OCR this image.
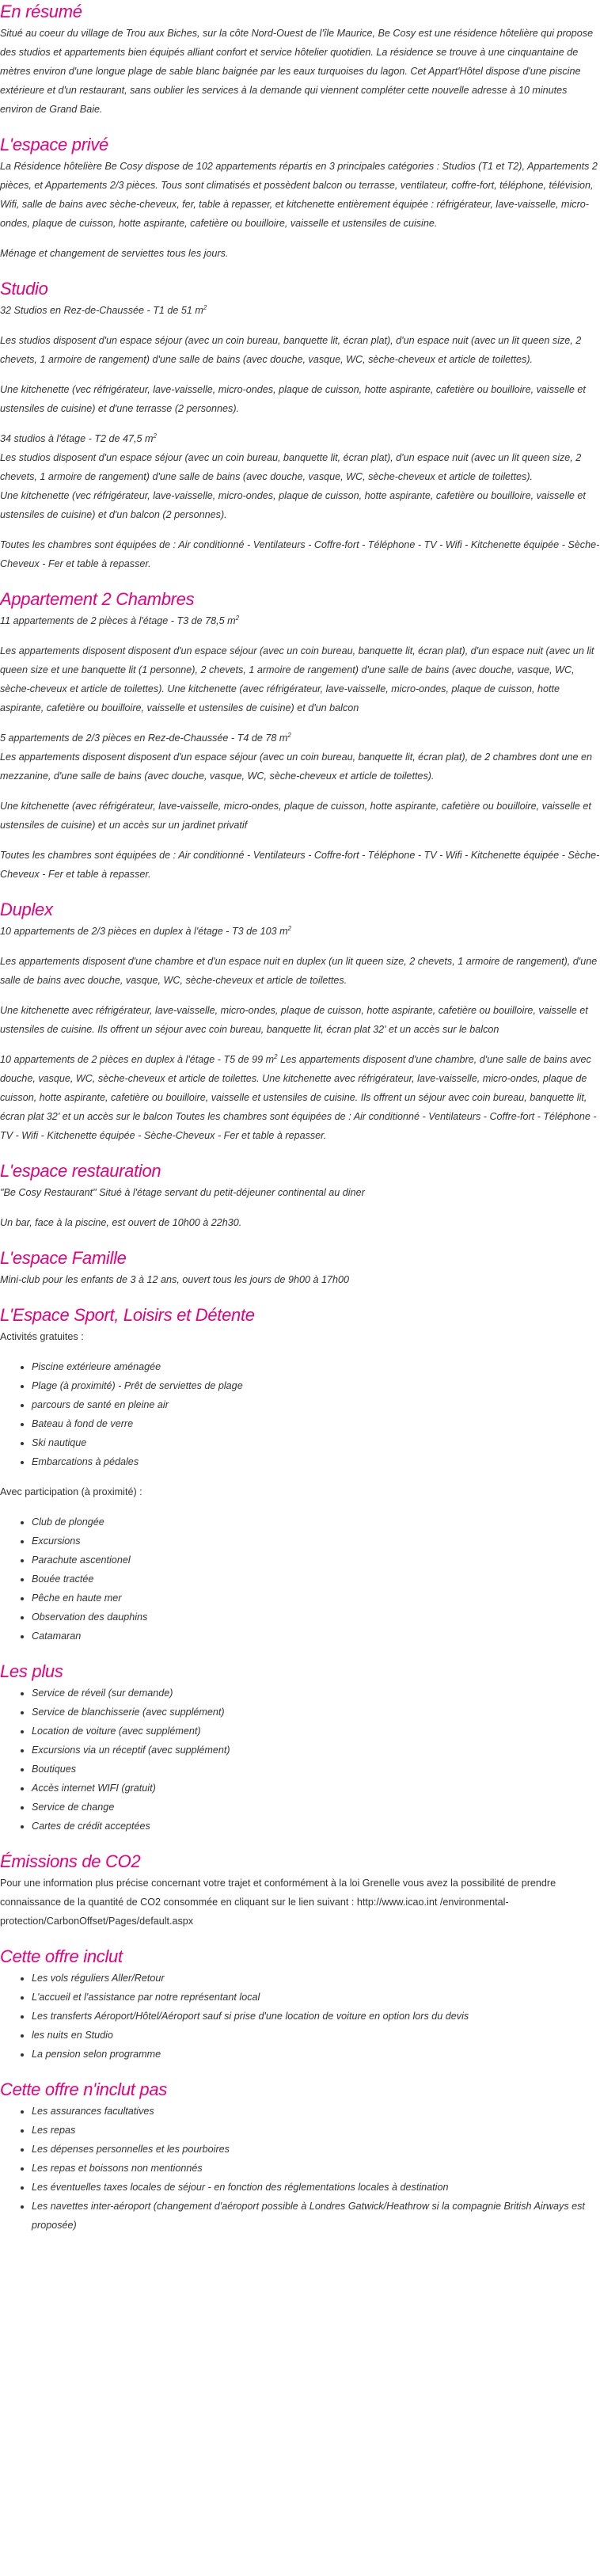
En résumé

Situé au coeur du village de Trou aux Biches, sur la côte Nord-Ouest de l'île Maurice, Be Cosy est une résidence hôtelière qui propose des studios et appartements bien équipés alliant confort et service hôtelier quotidien. La résidence se trouve à une cinquantaine de mètres environ d'une longue plage de sable blanc baignée par les eaux turquoises du lagon. Cet Appart'Hôtel dispose d'une piscine extérieure et d'un restaurant, sans oublier les services à la demande qui viennent compléter cette nouvelle adresse à 10 minutes environ de Grand Baie.

L'espace privé

La Résidence hôtelière Be Cosy dispose de 102 appartements répartis en 3 principales catégories : Studios (T1 et T2), Appartements 2 pièces, et Appartements 2/3 pièces. Tous sont climatisés et possèdent balcon ou terrasse, ventilateur, coffre-fort, téléphone, télévision, Wifi, salle de bains avec sèche-cheveux, fer, table à repasser, et kitchenette entièrement équipée : réfrigérateur, lave-vaisselle, micro-ondes, plaque de cuisson, hotte aspirante, cafetière ou bouilloire, vaisselle et ustensiles de cuisine.

Ménage et changement de serviettes tous les jours.

Studio

32 Studios en Rez-de-Chaussée - T1 de 51 $m^2$

Les studios disposent d'un espace séjour (avec un coin bureau, banquette lit, écran plat), d'un espace nuit (avec un lit queen size, 2 chevets, 1 armoire de rangement) d'une salle de bains (avec douche, vasque, WC, sèche-cheveux et article de toilettes).

Une kitchenette (vec réfrigérateur, lave-vaisselle, micro-ondes, plaque de cuisson, hotte aspirante, cafetière ou bouilloire, vaisselle et ustensiles de cuisine) et d'une terrasse (2 personnes).

34 studios à l'étage - T2 de 47,5 $m^2$
Les studios disposent d'un espace séjour (avec un coin bureau, banquette lit, écran plat), d'un espace nuit (avec un lit queen size, 2 chevets, 1 armoire de rangement) d'une salle de bains (avec douche, vasque, WC, sèche-cheveux et article de toilettes).
Une kitchenette (vec réfrigérateur, lave-vaisselle, micro-ondes, plaque de cuisson, hotte aspirante, cafetière ou bouilloire, vaisselle et ustensiles de cuisine) et d'un balcon (2 personnes).

Toutes les chambres sont équipées de : Air conditionné - Ventilateurs - Coffre-fort - Téléphone - TV - Wifi - Kitchenette équipée - Sèche-Cheveux - Fer et table à repasser.

Appartement 2 Chambres

11 appartements de 2 pièces à l'étage - T3 de 78,5 $m^2$

Les appartements disposent disposent d'un espace séjour (avec un coin bureau, banquette lit, écran plat), d'un espace nuit (avec un lit queen size et une banquette lit (1 personne), 2 chevets, 1 armoire de rangement) d'une salle de bains (avec douche, vasque, WC, sèche-cheveux et article de toilettes). Une kitchenette (avec réfrigérateur, lave-vaisselle, micro-ondes, plaque de cuisson, hotte aspirante, cafetière ou bouilloire, vaisselle et ustensiles de cuisine) et d'un balcon

5 appartements de 2/3 pièces en Rez-de-Chaussée - T4 de 78 $m^2$
Les appartements disposent disposent d'un espace séjour (avec un coin bureau, banquette lit, écran plat), de 2 chambres dont une en mezzanine, d'une salle de bains (avec douche, vasque, WC, sèche-cheveux et article de toilettes).

Une kitchenette (avec réfrigérateur, lave-vaisselle, micro-ondes, plaque de cuisson, hotte aspirante, cafetière ou bouilloire, vaisselle et ustensiles de cuisine) et un accès sur un jardinet privatif

Toutes les chambres sont équipées de : Air conditionné - Ventilateurs - Coffre-fort - Téléphone - TV - Wifi - Kitchenette équipée - Sèche-Cheveux - Fer et table à repasser.

Duplex

10 appartements de 2/3 pièces en duplex à l'étage - T3 de 103 $m^2$

Les appartements disposent d'une chambre et d'un espace nuit en duplex (un lit queen size, 2 chevets, 1 armoire de rangement), d'une salle de bains avec douche, vasque, WC, sèche-cheveux et article de toilettes.

Une kitchenette avec réfrigérateur, lave-vaisselle, micro-ondes, plaque de cuisson, hotte aspirante, cafetière ou bouilloire, vaisselle et ustensiles de cuisine. Ils offrent un séjour avec coin bureau, banquette lit, écran plat 32' et un accès sur le balcon

10 appartements de 2 pièces en duplex à l'étage - T5 de 99 $m^2$ Les appartements disposent d'une chambre, d'une salle de bains avec douche, vasque, WC, sèche-cheveux et article de toilettes. Une kitchenette avec réfrigérateur, lave-vaisselle, micro-ondes, plaque de cuisson, hotte aspirante, cafetière ou bouilloire, vaisselle et ustensiles de cuisine. Ils offrent un séjour avec coin bureau, banquette lit, écran plat 32' et un accès sur le balcon Toutes les chambres sont équipées de : Air conditionné - Ventilateurs - Coffre-fort - Téléphone - TV - Wifi - Kitchenette équipée - Sèche-Cheveux - Fer et table à repasser.

L'espace restauration

"Be Cosy Restaurant" Situé à l'étage servant du petit-déjeuner continental au diner

Un bar, face à la piscine, est ouvert de 10h00 à 22h30.

L'espace Famille

Mini-club pour les enfants de 3 à 12 ans, ouvert tous les jours de 9h00 à 17h00

L'Espace Sport, Loisirs et Détente

Activités gratuites :

• Piscine extérieure aménagée
• Plage (à proximité) - Prêt de serviettes de plage
• parcours de santé en pleine air
• Bateau à fond de verre
• Ski nautique
• Embarcations à pédales

Avec participation (à proximité) :

• Club de plongée
• Excursions
• Parachute ascentionel
• Bouée tractée
• Pêche en haute mer
• Observation des dauphins
• Catamaran
Les plus
• Service de réveil (sur demande)
• Service de blanchisserie (avec supplément)
• Location de voiture (avec supplément)
• Excursions via un réceptif (avec supplément)
• Boutiques
• Accès internet WIFI (gratuit)
• Service de change
• Cartes de crédit acceptées
Émissions de CO2

Pour une information plus précise concernant votre trajet et conformément à la loi Grenelle vous avez la possibilité de prendre connaissance de la quantité de CO2 consommée en cliquant sur le lien suivant : http://www.icao.int /environmental-protection/CarbonOffset/Pages/default.aspx

Cette offre inclut
• Les vols réguliers Aller/Retour
• L'accueil et l'assistance par notre représentant local
• Les transferts Aéroport/Hôtel/Aéroport sauf si prise d'une location de voiture en option lors du devis
• les nuits en Studio
• La pension selon programme
Cette offre n'inclut pas
• Les assurances facultatives
• Les repas
• Les dépenses personnelles et les pourboires
• Les repas et boissons non mentionnés
• Les éventuelles taxes locales de séjour - en fonction des réglementations locales à destination
• Les navettes inter-aéroport (changement d'aéroport possible à Londres Gatwick/Heathrow si la compagnie British Airways est proposée)
